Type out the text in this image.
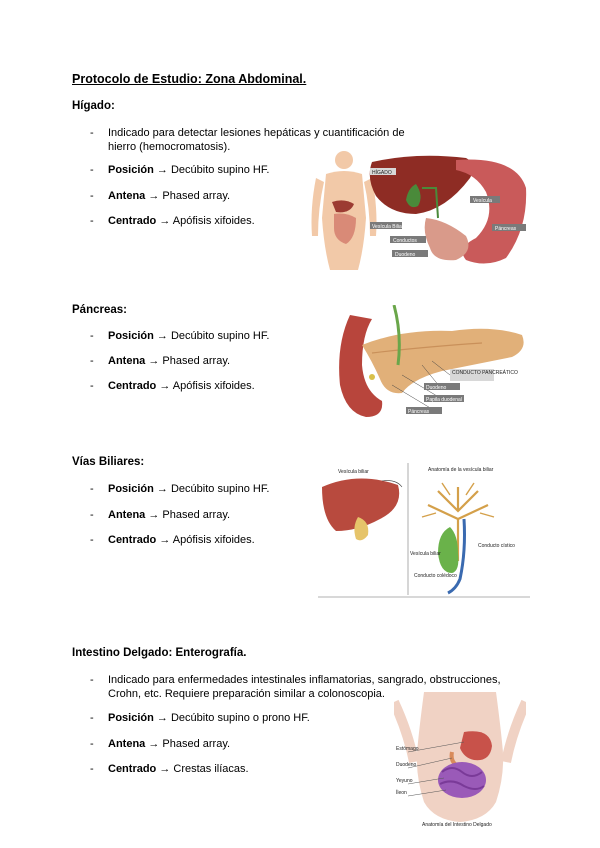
Protocolo de Estudio: Zona Abdominal.
Hígado:
- Indicado para detectar lesiones hepáticas y cuantificación de hierro (hemocromatosis).
- Posición → Decúbito supino HF.
- Antena → Phased array.
- Centrado → Apófisis xifoides.
HÍGADO
Vesícula
Páncreas
Vesícula Biliar
Conductos
Duodeno
Páncreas:
- Posición → Decúbito supino HF.
- Antena → Phased array.
- Centrado → Apófisis xifoides.
CONDUCTO PANCREÁTICO
Duodeno
Papila duodenal
Páncreas
Vías Biliares:
- Posición → Decúbito supino HF.
- Antena → Phased array.
- Centrado → Apófisis xifoides.
Vesícula biliar	Anatomía de la vesícula biliar
Vesícula biliar
Conducto cístico
Conducto colédoco
Intestino Delgado: Enterografía.
- Indicado para enfermedades intestinales inflamatorias, sangrado, obstrucciones, Crohn, etc. Requiere preparación similar a colonoscopia.
- Posición → Decúbito supino o prono HF.
- Antena → Phased array.
- Centrado → Crestas ilíacas.
Estómago
Duodeno
Yeyuno
Íleon
Anatomía del Intestino Delgado
